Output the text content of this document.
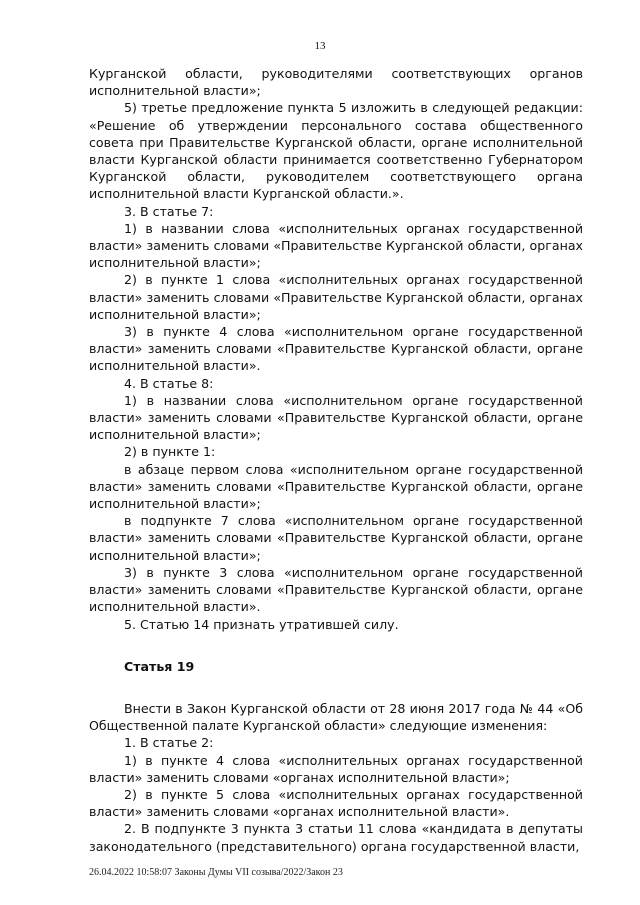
13

Курганской области, руководителями соответствующих органов исполнительной власти»;

5) третье предложение пункта 5 изложить в следующей редакции: «Решение об утверждении персонального состава общественного совета при Правительстве Курганской области, органе исполнительной власти Курганской области принимается соответственно Губернатором Курганской области, руководителем соответствующего органа исполнительной власти Курганской области.».

3. В статье 7:

1) в названии слова «исполнительных органах государственной власти» заменить словами «Правительстве Курганской области, органах исполнительной власти»;

2) в пункте 1 слова «исполнительных органах государственной власти» заменить словами «Правительстве Курганской области, органах исполнительной власти»;

3) в пункте 4 слова «исполнительном органе государственной власти» заменить словами «Правительстве Курганской области, органе исполнительной власти».

4. В статье 8:

1) в названии слова «исполнительном органе государственной власти» заменить словами «Правительстве Курганской области, органе исполнительной власти»;

2) в пункте 1:

в абзаце первом слова «исполнительном органе государственной власти» заменить словами «Правительстве Курганской области, органе исполнительной власти»;

в подпункте 7 слова «исполнительном органе государственной власти» заменить словами «Правительстве Курганской области, органе исполнительной власти»;

3) в пункте 3 слова «исполнительном органе государственной власти» заменить словами «Правительстве Курганской области, органе исполнительной власти».

5. Статью 14 признать утратившей силу.

Статья 19

Внести в Закон Курганской области от 28 июня 2017 года № 44 «Об Общественной палате Курганской области» следующие изменения:

1. В статье 2:

1) в пункте 4 слова «исполнительных органах государственной власти» заменить словами «органах исполнительной власти»;

2) в пункте 5 слова «исполнительных органах государственной власти» заменить словами «органах исполнительной власти».

2. В подпункте 3 пункта 3 статьи 11 слова «кандидата в депутаты законодательного (представительного) органа государственной власти,

26.04.2022 10:58:07 Законы Думы VII созыва/2022/Закон 23
